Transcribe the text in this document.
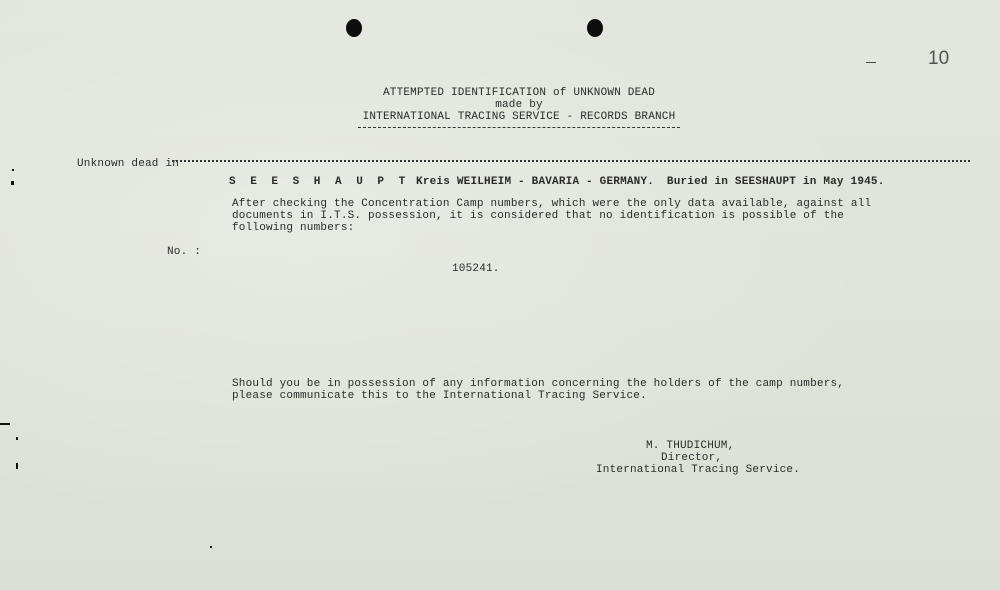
10
ATTEMPTED IDENTIFICATION of UNKNOWN DEAD
made by
INTERNATIONAL TRACING SERVICE - RECORDS BRANCH
Unknown dead in
S E E S H A U P T Kreis WEILHEIM - BAVARIA - GERMANY. Buried in SEESHAUPT in May 1945.
After checking the Concentration Camp numbers, which were the only data available, against all
documents in I.T.S. possession, it is considered that no identification is possible of the
following numbers:
No. :
105241.
Should you be in possession of any information concerning the holders of the camp numbers,
please communicate this to the International Tracing Service.
M. THUDICHUM,
Director,
International Tracing Service.
